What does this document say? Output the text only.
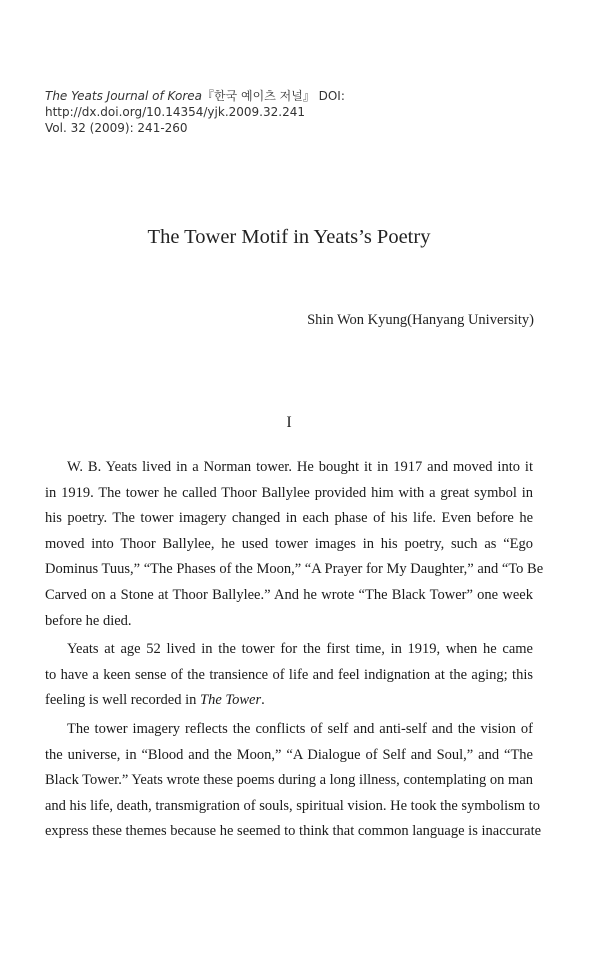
The Yeats Journal of Korea『한국 예이츠 저널』 DOI: http://dx.doi.org/10.14354/yjk.2009.32.241
Vol. 32 (2009): 241-260
The Tower Motif in Yeats’s Poetry
Shin Won Kyung(Hanyang University)
I
W. B. Yeats lived in a Norman tower. He bought it in 1917 and moved into it
in 1919. The tower he called Thoor Ballylee provided him with a great symbol in
his poetry. The tower imagery changed in each phase of his life. Even before he
moved into Thoor Ballylee, he used tower images in his poetry, such as “Ego
Dominus Tuus,” “The Phases of the Moon,” “A Prayer for My Daughter,” and “To Be
Carved on a Stone at Thoor Ballylee.” And he wrote “The Black Tower” one week
before he died.
Yeats at age 52 lived in the tower for the first time, in 1919, when he came
to have a keen sense of the transience of life and feel indignation at the aging; this
feeling is well recorded in The Tower.
The tower imagery reflects the conflicts of self and anti-self and the vision of
the universe, in “Blood and the Moon,” “A Dialogue of Self and Soul,” and “The
Black Tower.” Yeats wrote these poems during a long illness, contemplating on man
and his life, death, transmigration of souls, spiritual vision. He took the symbolism to
express these themes because he seemed to think that common language is inaccurate
